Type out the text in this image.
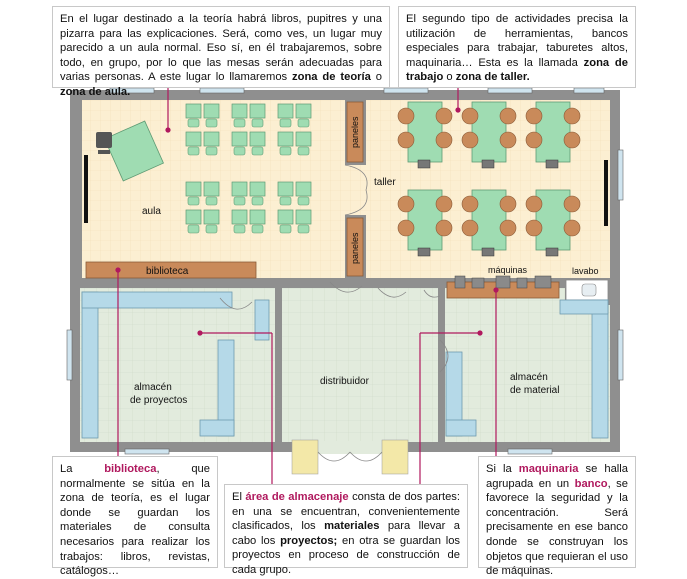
aula
biblioteca
taller
paneles
paneles
máquinas	lavabo
almacén
de proyectos
distribuidor	almacén
de material
En el lugar destinado a la teoría habrá libros, pupitres y una pizarra para las explicaciones. Será, como ves, un lugar muy parecido a un aula normal. Eso sí, en él trabajaremos, sobre todo, en grupo, por lo que las mesas serán adecuadas para varias personas. A este lugar lo llamaremos zona de teoría o zona de aula.
El segundo tipo de actividades precisa la utilización de herramientas, bancos especiales para trabajar, taburetes altos, maquinaria… Esta es la llamada zona de trabajo o zona de taller.
La biblioteca, que normalmente se sitúa en la zona de teoría, es el lugar donde se guardan los materiales de consulta necesarios para realizar los trabajos: libros, revistas, catálogos…
El área de almacenaje consta de dos partes: en una se encuentran, convenientemente clasificados, los materiales para llevar a cabo los proyectos; en otra se guardan los proyectos en proceso de construcción de cada grupo.
Si la maquinaria se halla agrupada en un banco, se favorece la seguridad y la concentración. Será precisamente en ese banco donde se construyan los objetos que requieran el uso de máquinas.
